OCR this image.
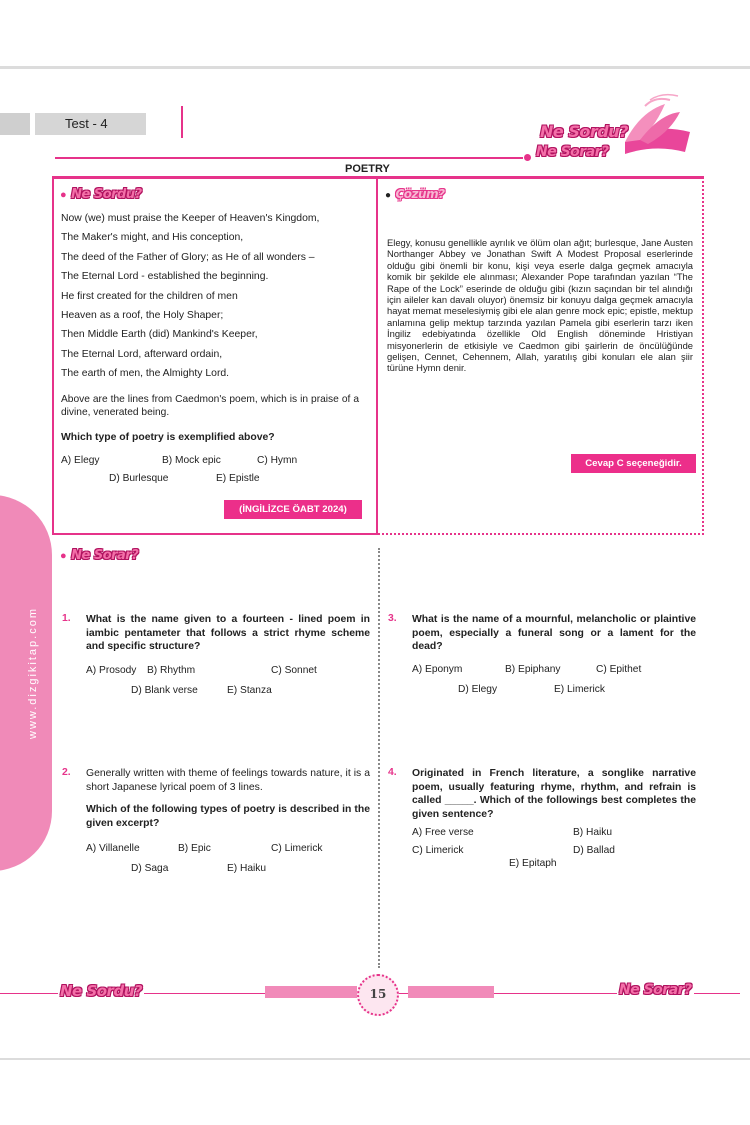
Test - 4	Ne Sordu?
Ne Sorar?
POETRY
● Ne Sordu?
Now (we) must praise the Keeper of Heaven's Kingdom,
The Maker's might, and His conception,
The deed of the Father of Glory; as He of all wonders –
The Eternal Lord - established the beginning.
He first created for the children of men
Heaven as a roof, the Holy Shaper;
Then Middle Earth (did) Mankind's Keeper,
The Eternal Lord, afterward ordain,
The earth of men, the Almighty Lord.
Above are the lines from Caedmon's poem, which is in praise of a divine, venerated being.
Which type of poetry is exemplified above?
A) Elegy	B) Mock epic	C) Hymn
D) Burlesque	E) Epistle
(İNGİLİZCE ÖABT 2024)
● Çözüm?
Elegy, konusu genellikle ayrılık ve ölüm olan ağıt; burlesque, Jane Austen Northanger Abbey ve Jonathan Swift A Modest Proposal eserlerinde olduğu gibi önemli bir konu, kişi veya eserle dalga geçmek amacıyla komik bir şekilde ele alınması; Alexander Pope tarafından yazılan “The Rape of the Lock” eserinde de olduğu gibi (kızın saçından bir tel alındığı için aileler kan davalı oluyor) önemsiz bir konuyu dalga geçmek amacıyla hayat memat meselesiymiş gibi ele alan genre mock epic; epistle, mektup anlamına gelip mektup tarzında yazılan Pamela gibi eserlerin tarzı iken İngiliz edebiyatında özellikle Old English döneminde Hristiyan misyonerlerin de etkisiyle ve Caedmon gibi şairlerin de öncülüğünde gelişen, Cennet, Cehennem, Allah, yaratılış gibi konuları ele alan şiir türüne Hymn denir.
Cevap C seçeneğidir.
www.dizgikitap.com
● Ne Sorar?
1. What is the name given to a fourteen - lined poem in iambic pentameter that follows a strict rhyme scheme and specific structure?
A) Prosody B) Rhythm	C) Sonnet
D) Blank verse	E) Stanza
2. Generally written with theme of feelings towards nature, it is a short Japanese lyrical poem of 3 lines.
Which of the following types of poetry is described in the given excerpt?
A) Villanelle	B) Epic	C) Limerick
D) Saga	E) Haiku
3. What is the name of a mournful, melancholic or plaintive poem, especially a funeral song or a lament for the dead?
A) Eponym	B) Epiphany	C) Epithet
D) Elegy	E) Limerick
4. Originated in French literature, a songlike narrative poem, usually featuring rhyme, rhythm, and refrain is called _____. Which of the followings best completes the given sentence?
A) Free verse	B) Haiku
C) Limerick	D) Ballad
E) Epitaph
Ne Sordu?	Ne Sorar?
15
